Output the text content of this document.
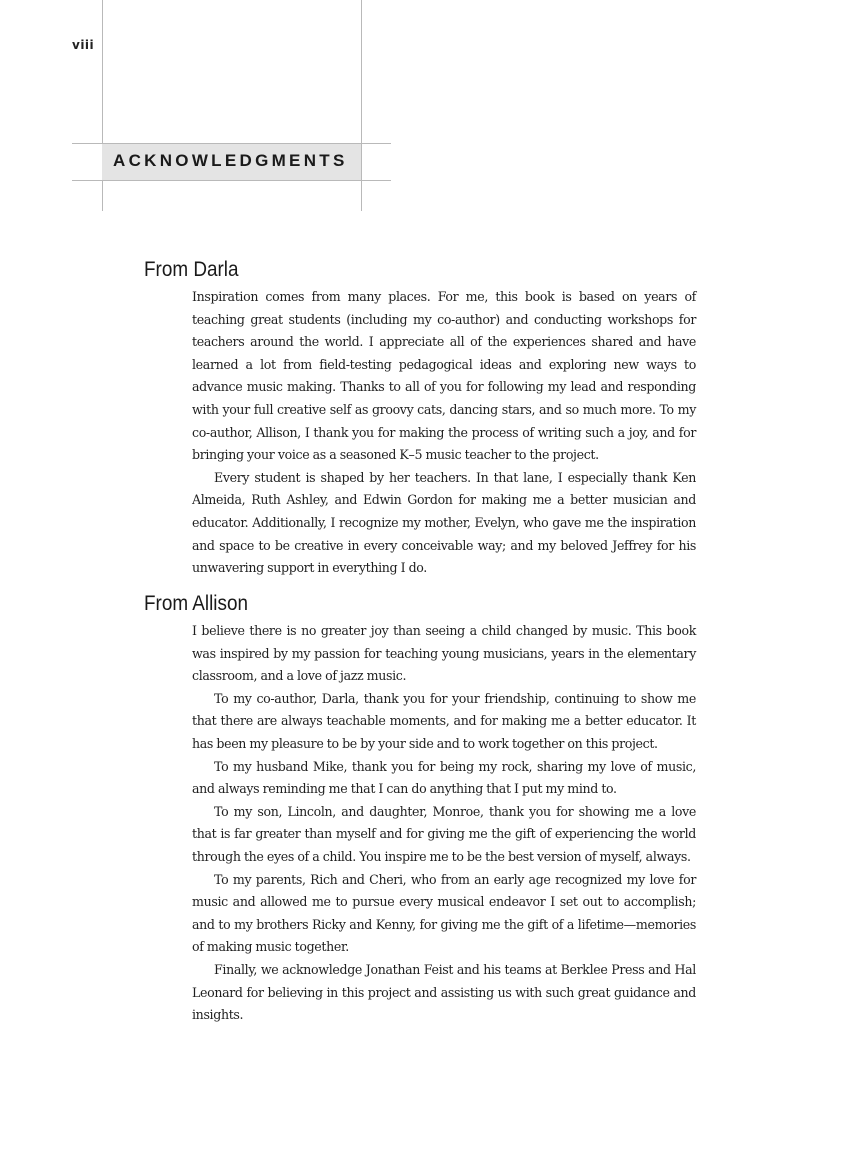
viii
ACKNOWLEDGMENTS
From Darla

Inspiration comes from many places. For me, this book is based on years of teaching great students (including my co-author) and conducting workshops for teachers around the world. I appreciate all of the experiences shared and have learned a lot from field-testing pedagogical ideas and exploring new ways to advance music making. Thanks to all of you for following my lead and responding with your full creative self as groovy cats, dancing stars, and so much more. To my co-author, Allison, I thank you for making the process of writing such a joy, and for bringing your voice as a seasoned K–5 music teacher to the project.

Every student is shaped by her teachers. In that lane, I especially thank Ken Almeida, Ruth Ashley, and Edwin Gordon for making me a better musician and educator. Additionally, I recognize my mother, Evelyn, who gave me the inspiration and space to be creative in every conceivable way; and my beloved Jeffrey for his unwavering support in everything I do.

From Allison

I believe there is no greater joy than seeing a child changed by music. This book was inspired by my passion for teaching young musicians, years in the elementary classroom, and a love of jazz music.

To my co-author, Darla, thank you for your friendship, continuing to show me that there are always teachable moments, and for making me a better educator. It has been my pleasure to be by your side and to work together on this project.

To my husband Mike, thank you for being my rock, sharing my love of music, and always reminding me that I can do anything that I put my mind to.

To my son, Lincoln, and daughter, Monroe, thank you for showing me a love that is far greater than myself and for giving me the gift of experiencing the world through the eyes of a child. You inspire me to be the best version of myself, always.

To my parents, Rich and Cheri, who from an early age recognized my love for music and allowed me to pursue every musical endeavor I set out to accomplish; and to my brothers Ricky and Kenny, for giving me the gift of a lifetime—memories of making music together.

Finally, we acknowledge Jonathan Feist and his teams at Berklee Press and Hal Leonard for believing in this project and assisting us with such great guidance and insights.
